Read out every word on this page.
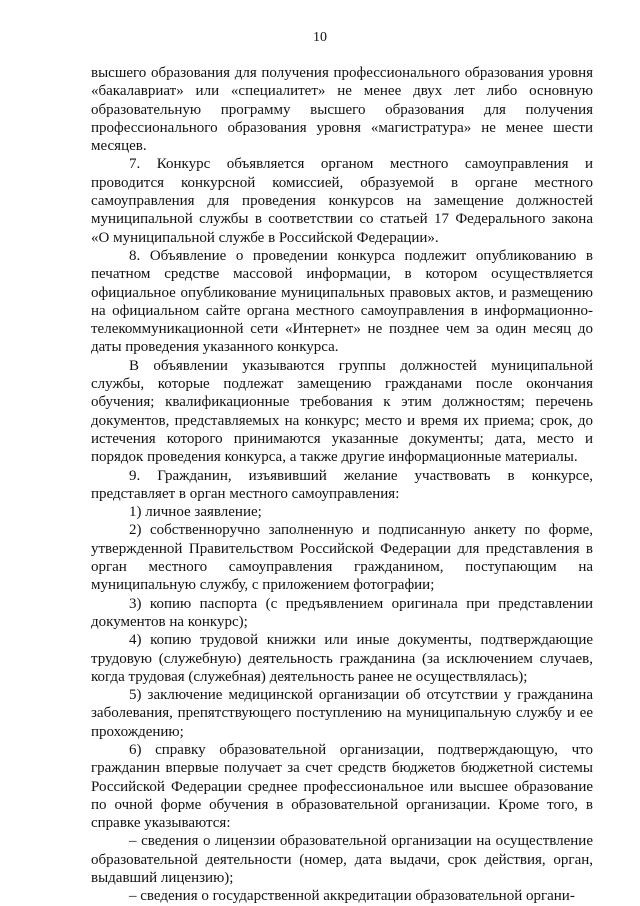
10

высшего образования для получения профессионального образования уровня «бакалавриат» или «специалитет» не менее двух лет либо основную образовательную программу высшего образования для получения профессионального образования уровня «магистратура» не менее шести месяцев.

7. Конкурс объявляется органом местного самоуправления и проводится конкурсной комиссией, образуемой в органе местного самоуправления для проведения конкурсов на замещение должностей муниципальной службы в соответствии со статьей 17 Федерального закона «О муниципальной службе в Российской Федерации».

8. Объявление о проведении конкурса подлежит опубликованию в печатном средстве массовой информации, в котором осуществляется официальное опубликование муниципальных правовых актов, и размещению на официальном сайте органа местного самоуправления в информационно-телекоммуникационной сети «Интернет» не позднее чем за один месяц до даты проведения указанного конкурса.

В объявлении указываются группы должностей муниципальной службы, которые подлежат замещению гражданами после окончания обучения; квалификационные требования к этим должностям; перечень документов, представляемых на конкурс; место и время их приема; срок, до истечения которого принимаются указанные документы; дата, место и порядок проведения конкурса, а также другие информационные материалы.

9. Гражданин, изъявивший желание участвовать в конкурсе, представляет в орган местного самоуправления:

1) личное заявление;

2) собственноручно заполненную и подписанную анкету по форме, утвержденной Правительством Российской Федерации для представления в орган местного самоуправления гражданином, поступающим на муниципальную службу, с приложением фотографии;

3) копию паспорта (с предъявлением оригинала при представлении документов на конкурс);

4) копию трудовой книжки или иные документы, подтверждающие трудовую (служебную) деятельность гражданина (за исключением случаев, когда трудовая (служебная) деятельность ранее не осуществлялась);

5) заключение медицинской организации об отсутствии у гражданина заболевания, препятствующего поступлению на муниципальную службу и ее прохождению;

6) справку образовательной организации, подтверждающую, что гражданин впервые получает за счет средств бюджетов бюджетной системы Российской Федерации среднее профессиональное или высшее образование по очной форме обучения в образовательной организации. Кроме того, в справке указываются:

– сведения о лицензии образовательной организации на осуществление образовательной деятельности (номер, дата выдачи, срок действия, орган, выдавший лицензию);

– сведения о государственной аккредитации образовательной органи-
